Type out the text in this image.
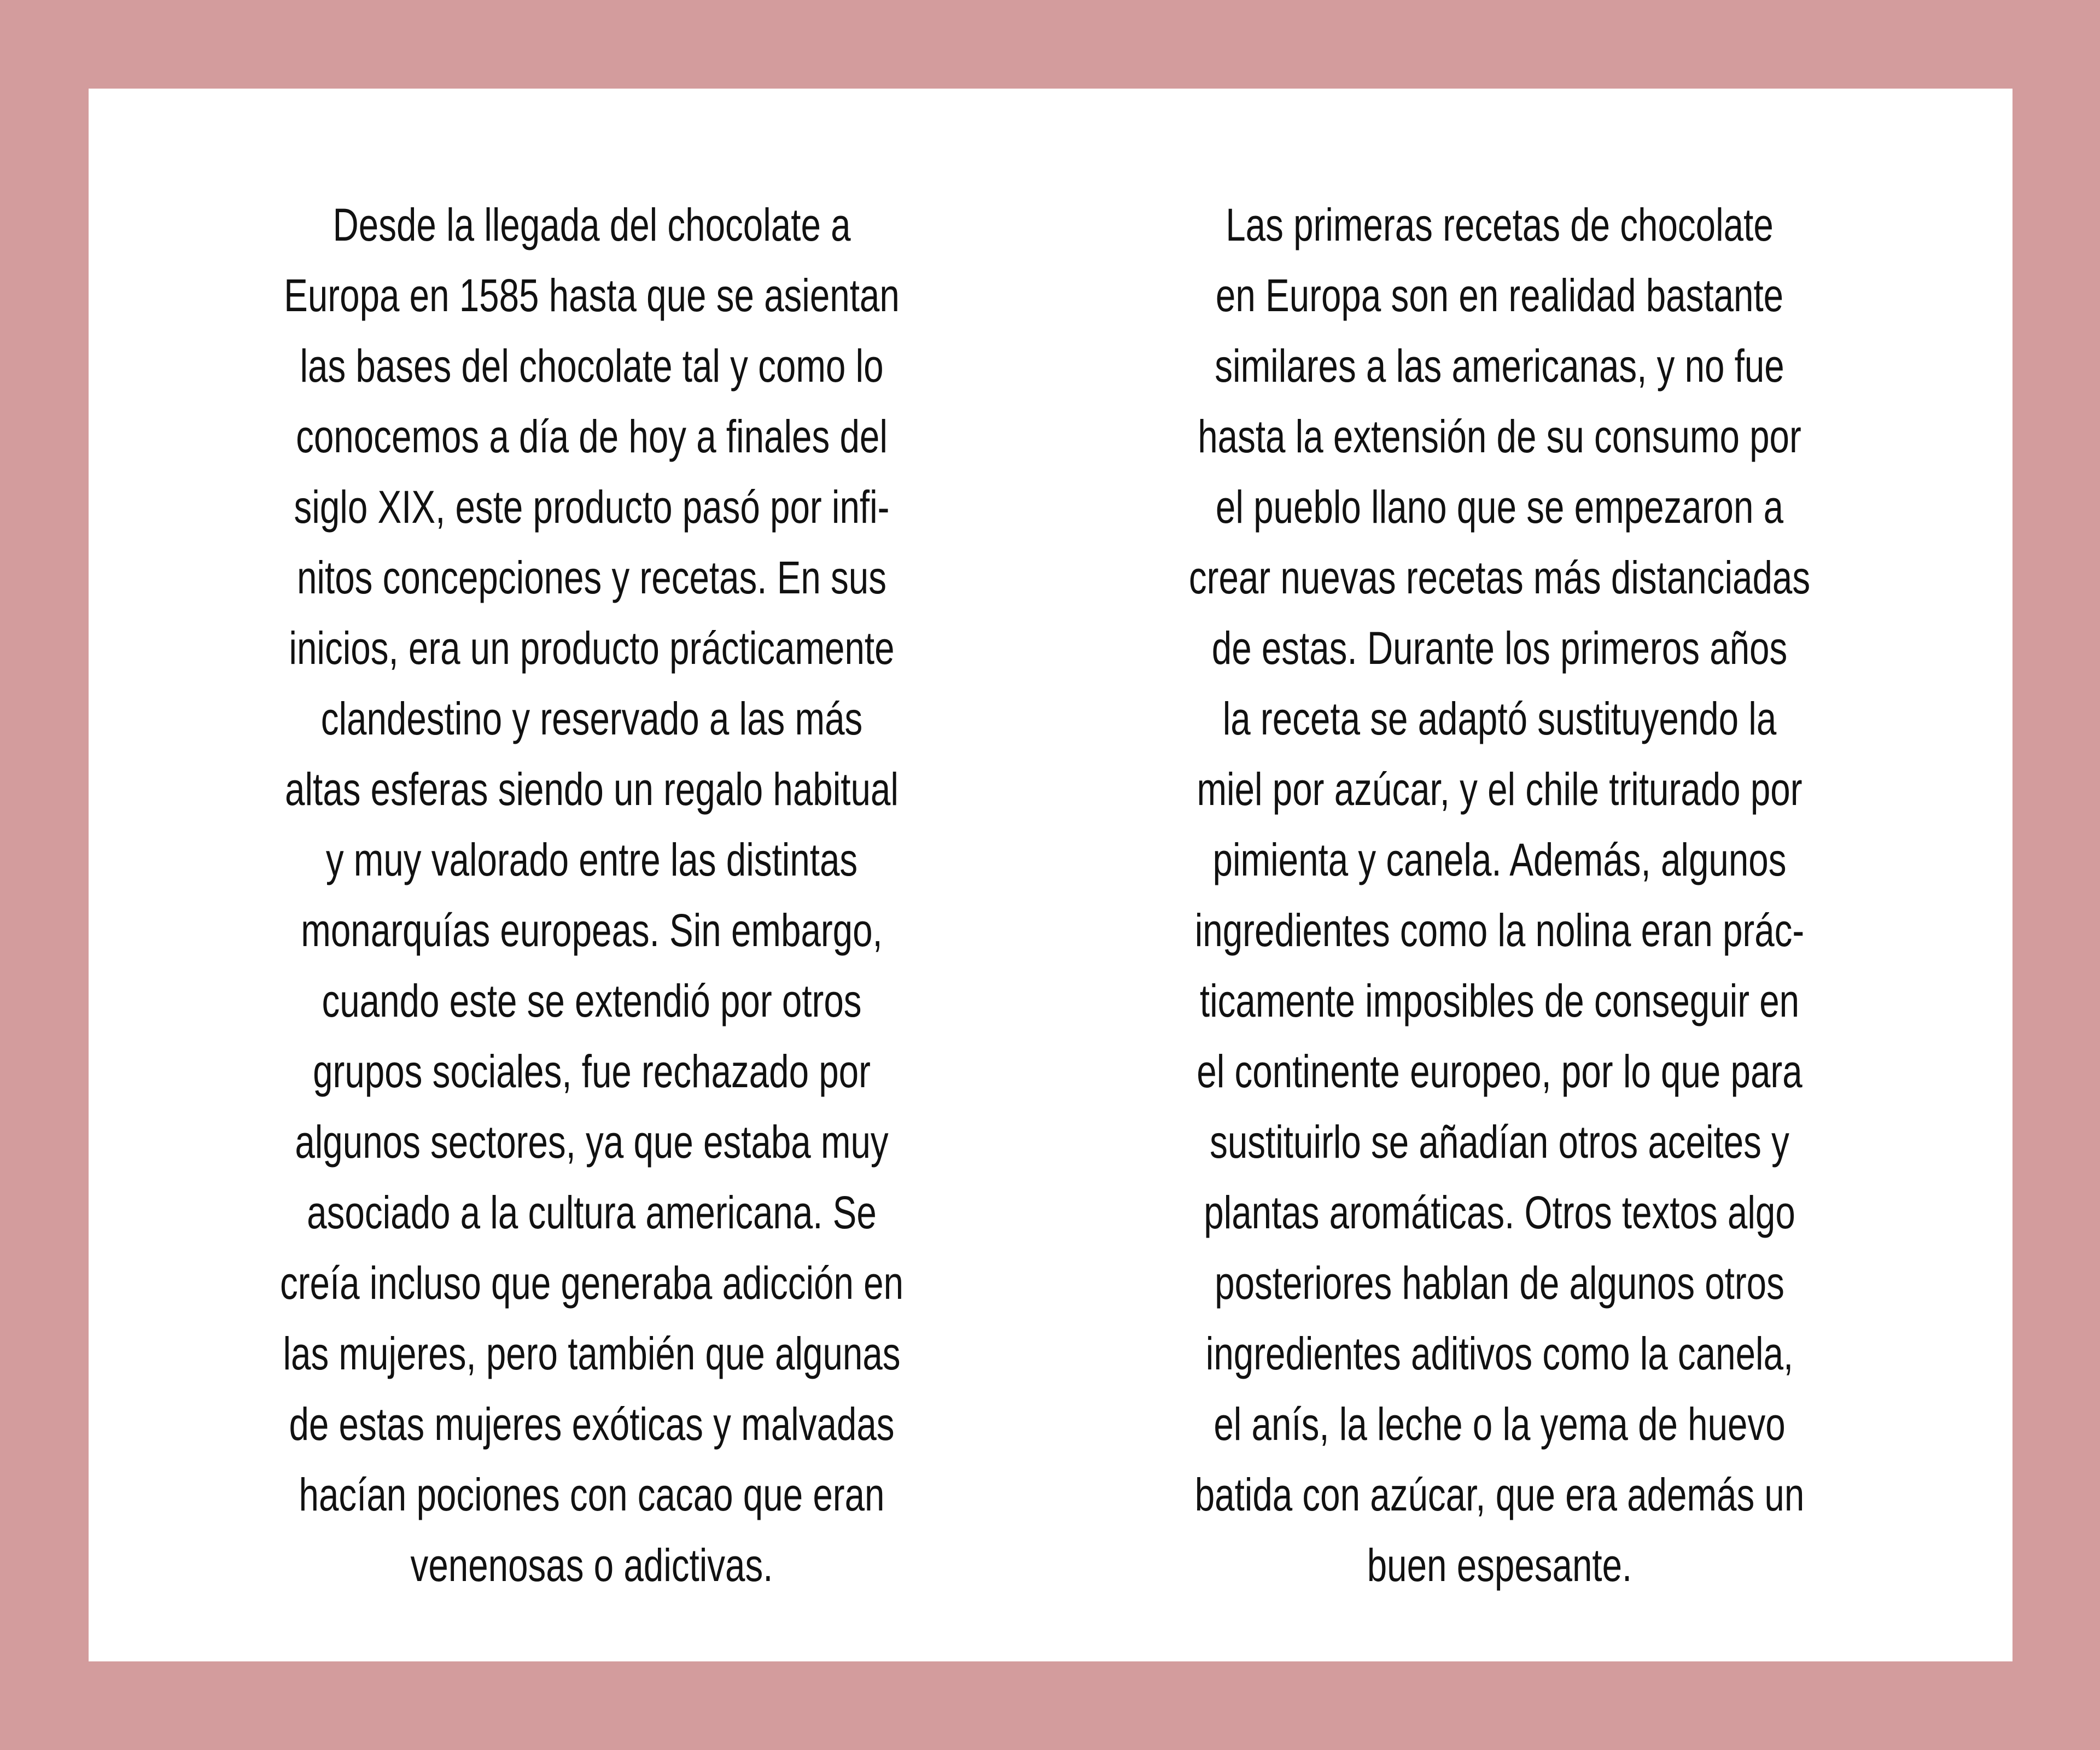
Desde la llegada del chocolate a
Europa en 1585 hasta que se asientan
las bases del chocolate tal y como lo
conocemos a día de hoy a finales del
siglo XIX, este producto pasó por infi-
nitos concepciones y recetas. En sus
inicios, era un producto prácticamente
clandestino y reservado a las más
altas esferas siendo un regalo habitual
y muy valorado entre las distintas
monarquías europeas. Sin embargo,
cuando este se extendió por otros
grupos sociales, fue rechazado por
algunos sectores, ya que estaba muy
asociado a la cultura americana. Se
creía incluso que generaba adicción en
las mujeres, pero también que algunas
de estas mujeres exóticas y malvadas
hacían pociones con cacao que eran
venenosas o adictivas.

Las primeras recetas de chocolate
en Europa son en realidad bastante
similares a las americanas, y no fue
hasta la extensión de su consumo por
el pueblo llano que se empezaron a
crear nuevas recetas más distanciadas
de estas. Durante los primeros años
la receta se adaptó sustituyendo la
miel por azúcar, y el chile triturado por
pimienta y canela. Además, algunos
ingredientes como la nolina eran prác-
ticamente imposibles de conseguir en
el continente europeo, por lo que para
sustituirlo se añadían otros aceites y
plantas aromáticas. Otros textos algo
posteriores hablan de algunos otros
ingredientes aditivos como la canela,
el anís, la leche o la yema de huevo
batida con azúcar, que era además un
buen espesante.
